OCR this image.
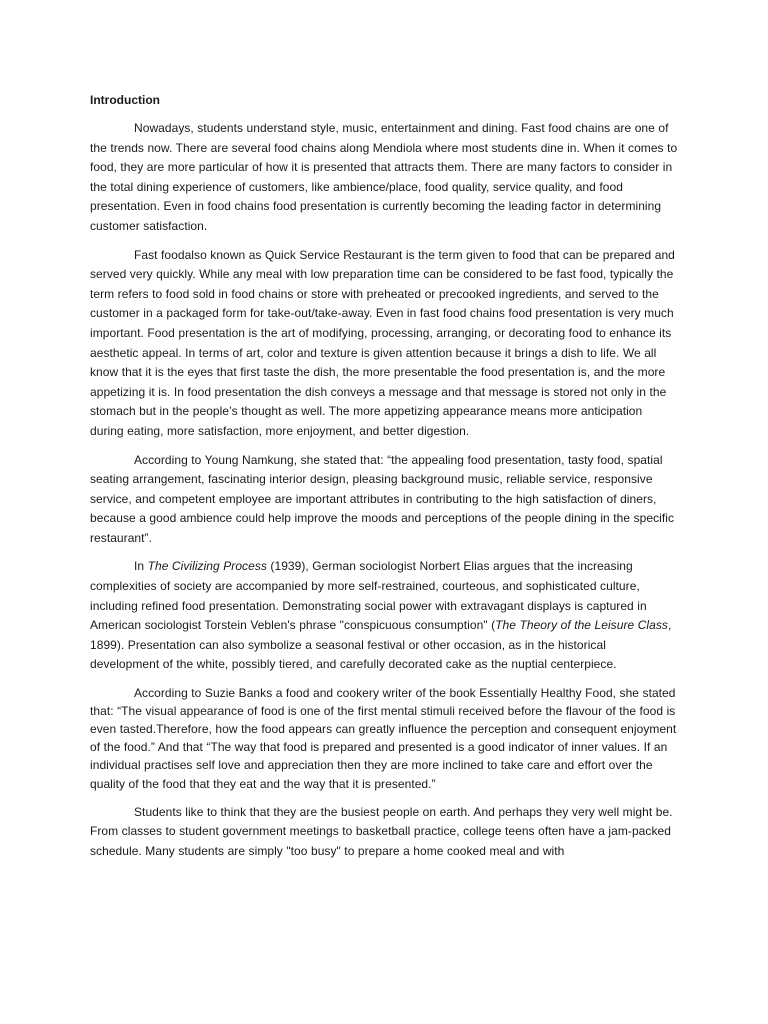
Introduction

Nowadays, students understand style, music, entertainment and dining. Fast food chains are one of the trends now. There are several food chains along Mendiola where most students dine in. When it comes to food, they are more particular of how it is presented that attracts them. There are many factors to consider in the total dining experience of customers, like ambience/place, food quality, service quality, and food presentation. Even in food chains food presentation is currently becoming the leading factor in determining customer satisfaction.

Fast foodalso known as Quick Service Restaurant is the term given to food that can be prepared and served very quickly. While any meal with low preparation time can be considered to be fast food, typically the term refers to food sold in food chains or store with preheated or precooked ingredients, and served to the customer in a packaged form for take-out/take-away. Even in fast food chains food presentation is very much important. Food presentation is the art of modifying, processing, arranging, or decorating food to enhance its aesthetic appeal. In terms of art, color and texture is given attention because it brings a dish to life. We all know that it is the eyes that first taste the dish, the more presentable the food presentation is, and the more appetizing it is. In food presentation the dish conveys a message and that message is stored not only in the stomach but in the people’s thought as well. The more appetizing appearance means more anticipation during eating, more satisfaction, more enjoyment, and better digestion.

According to Young Namkung, she stated that: “the appealing food presentation, tasty food, spatial seating arrangement, fascinating interior design, pleasing background music, reliable service, responsive service, and competent employee are important attributes in contributing to the high satisfaction of diners, because a good ambience could help improve the moods and perceptions of the people dining in the specific restaurant”.

In The Civilizing Process (1939), German sociologist Norbert Elias argues that the increasing complexities of society are accompanied by more self-restrained, courteous, and sophisticated culture, including refined food presentation. Demonstrating social power with extravagant displays is captured in American sociologist Torstein Veblen's phrase "conspicuous consumption" (The Theory of the Leisure Class, 1899). Presentation can also symbolize a seasonal festival or other occasion, as in the historical development of the white, possibly tiered, and carefully decorated cake as the nuptial centerpiece.

According to Suzie Banks a food and cookery writer of the book Essentially Healthy Food, she stated that: “The visual appearance of food is one of the first mental stimuli received before the flavour of the food is even tasted.Therefore, how the food appears can greatly influence the perception and consequent enjoyment of the food.” And that “The way that food is prepared and presented is a good indicator of inner values. If an individual practises self love and appreciation then they are more inclined to take care and effort over the quality of the food that they eat and the way that it is presented.”

Students like to think that they are the busiest people on earth. And perhaps they very well might be. From classes to student government meetings to basketball practice, college teens often have a jam-packed schedule. Many students are simply "too busy" to prepare a home cooked meal and with
